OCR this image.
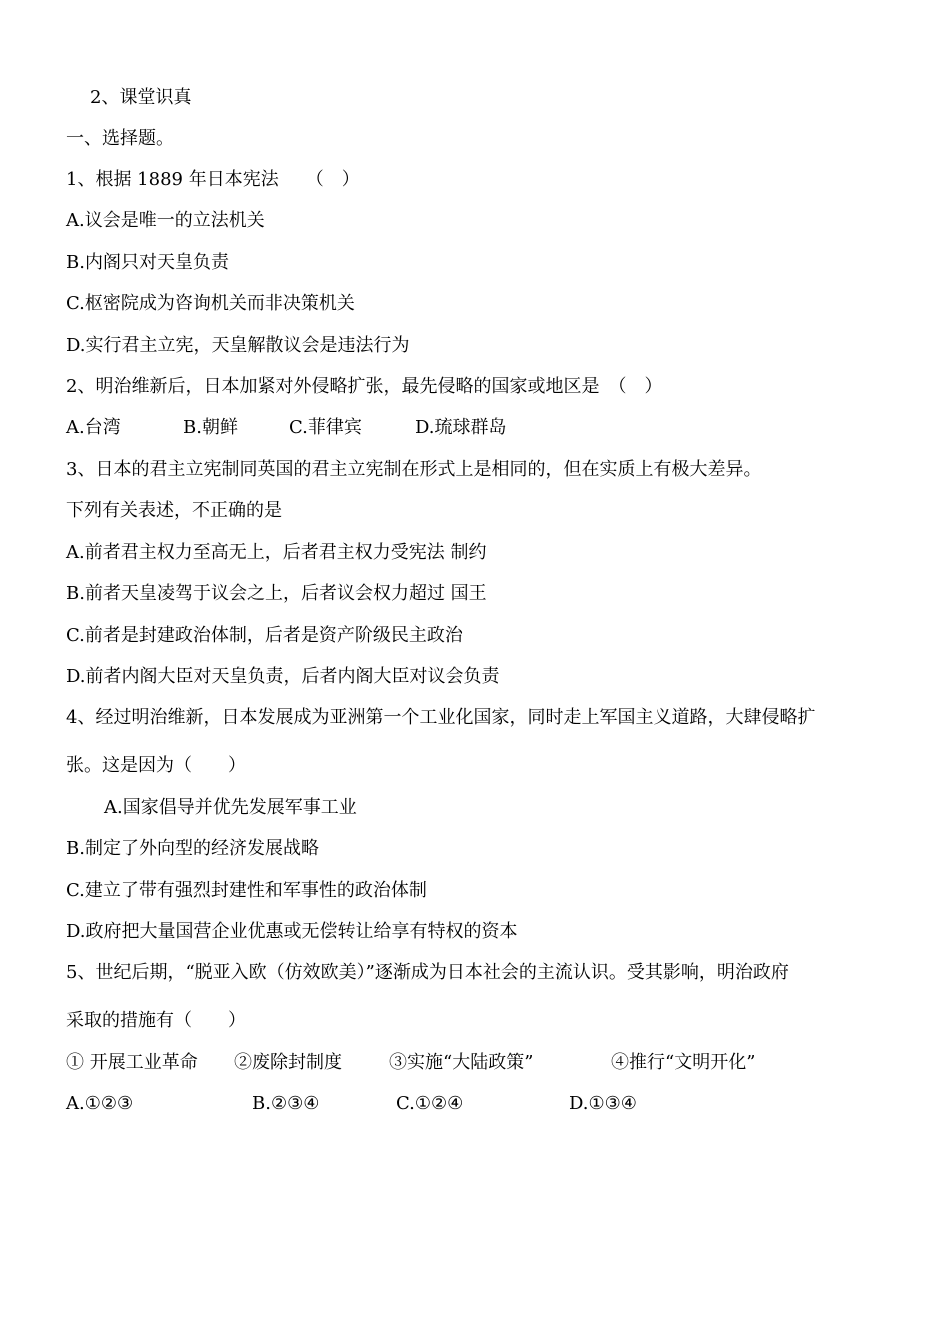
2、课堂识真
一、选择题。
1、根据 1889 年日本宪法　　（　）
A.议会是唯一的立法机关
B.内阁只对天皇负责
C.枢密院成为咨询机关而非决策机关
D.实行君主立宪，天皇解散议会是违法行为
2、明治维新后，日本加紧对外侵略扩张，最先侵略的国家或地区是　（　）
A.台湾	B.朝鲜	C.菲律宾	D.琉球群岛
3、日本的君主立宪制同英国的君主立宪制在形式上是相同的，但在实质上有极大差异。
下列有关表述，不正确的是
A.前者君主权力至高无上，后者君主权力受宪法 制约
B.前者天皇凌驾于议会之上，后者议会权力超过 国王
C.前者是封建政治体制，后者是资产阶级民主政治
D.前者内阁大臣对天皇负责，后者内阁大臣对议会负责
4、经过明治维新，日本发展成为亚洲第一个工业化国家，同时走上军国主义道路，大肆侵略扩
张。这是因为（　　）
A.国家倡导并优先发展军事工业
B.制定了外向型的经济发展战略
C.建立了带有强烈封建性和军事性的政治体制
D.政府把大量国营企业优惠或无偿转让给享有特权的资本
5、世纪后期，“脱亚入欧（仿效欧美）”逐渐成为日本社会的主流认识。受其影响，明治政府
采取的措施有（　　）
① 开展工业革命	②废除封制度	③实施“大陆政策”	④推行“文明开化”
A.①②③	B.②③④	C.①②④	D.①③④
